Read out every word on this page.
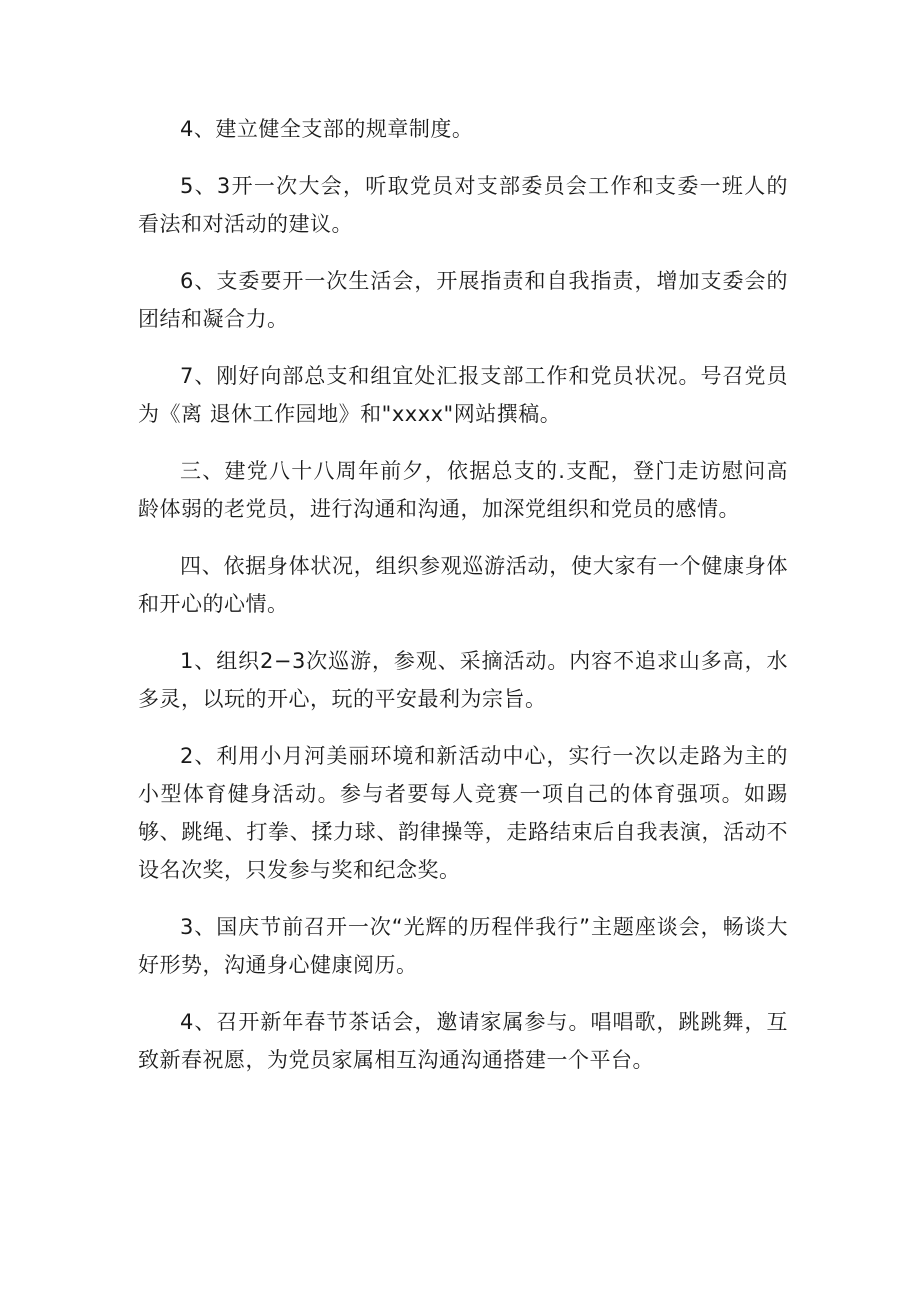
4、建立健全支部的规章制度。

5、3开一次大会，听取党员对支部委员会工作和支委一班人的看法和对活动的建议。

6、支委要开一次生活会，开展指责和自我指责，增加支委会的团结和凝合力。

7、刚好向部总支和组宜处汇报支部工作和党员状况。号召党员为《离 退休工作园地》和"xxxx"网站撰稿。

三、建党八十八周年前夕，依据总支的.支配，登门走访慰问高龄体弱的老党员，进行沟通和沟通，加深党组织和党员的感情。

四、依据身体状况，组织参观巡游活动，使大家有一个健康身体和开心的心情。

1、组织2−3次巡游，参观、采摘活动。内容不追求山多高，水多灵，以玩的开心，玩的平安最利为宗旨。

2、利用小月河美丽环境和新活动中心，实行一次以走路为主的小型体育健身活动。参与者要每人竞赛一项自己的体育强项。如踢够、跳绳、打拳、揉力球、韵律操等，走路结束后自我表演，活动不设名次奖，只发参与奖和纪念奖。

3、国庆节前召开一次“光辉的历程伴我行”主题座谈会，畅谈大好形势，沟通身心健康阅历。

4、召开新年春节茶话会，邀请家属参与。唱唱歌，跳跳舞，互致新春祝愿，为党员家属相互沟通沟通搭建一个平台。
